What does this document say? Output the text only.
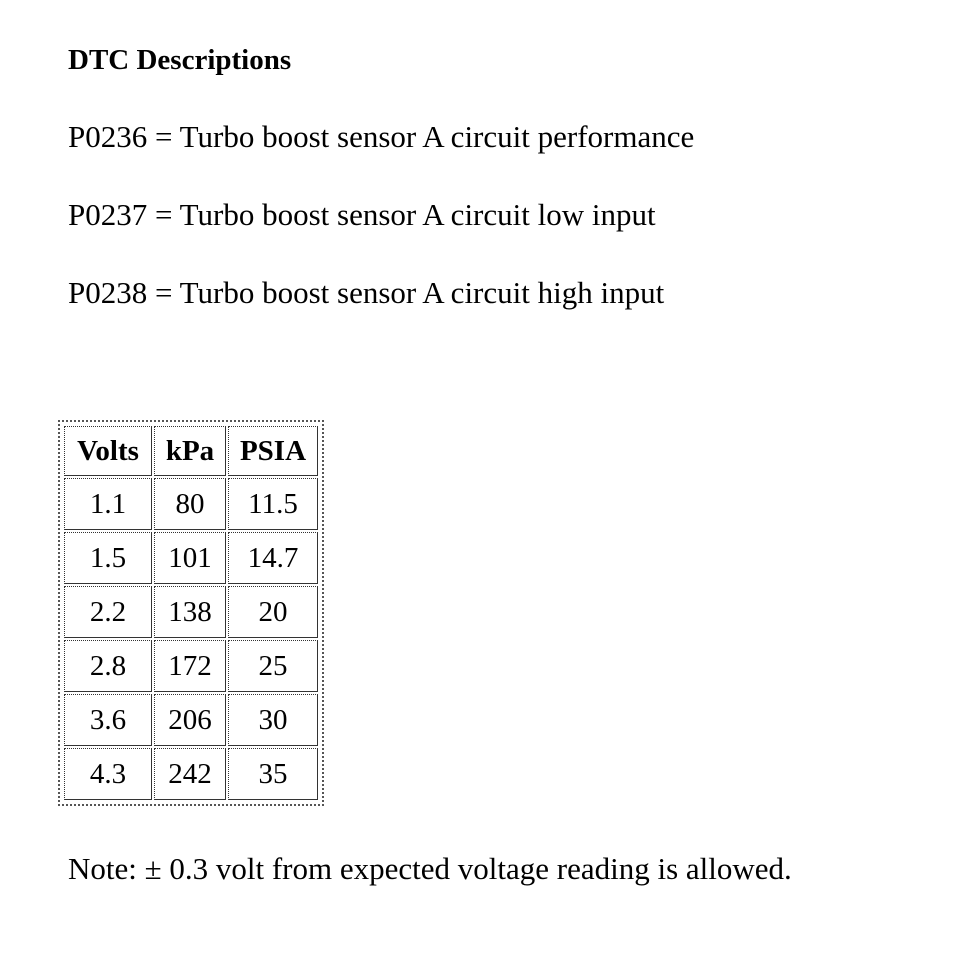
DTC Descriptions
P0236 = Turbo boost sensor A circuit performance
P0237 = Turbo boost sensor A circuit low input
P0238 = Turbo boost sensor A circuit high input
Volts	kPa	PSIA
1.1	80	11.5
1.5	101	14.7
2.2	138	20
2.8	172	25
3.6	206	30
4.3	242	35
Note: ± 0.3 volt from expected voltage reading is allowed.
